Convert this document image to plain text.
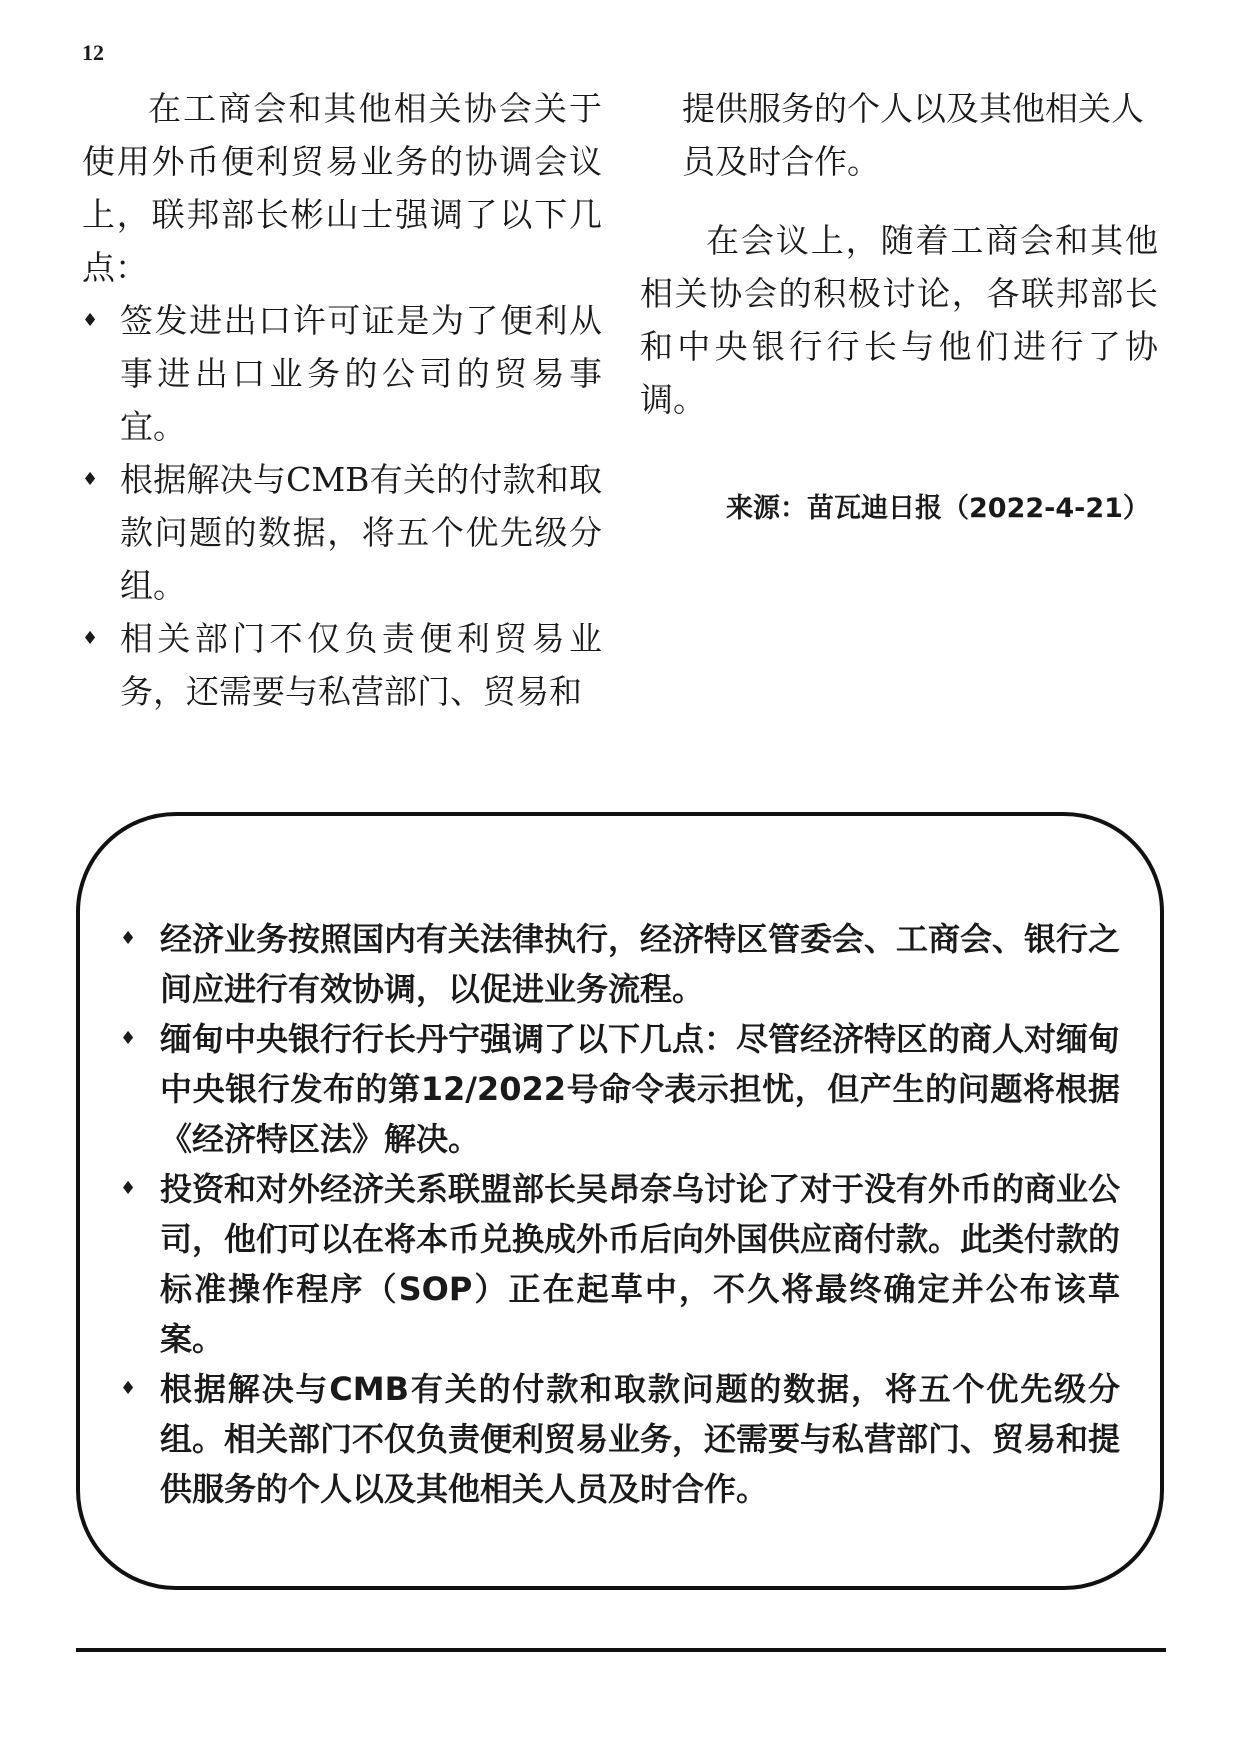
12

在工商会和其他相关协会关于使用外币便利贸易业务的协调会议上，联邦部长彬山士强调了以下几点：

♦ 签发进出口许可证是为了便利从事进出口业务的公司的贸易事宜。
♦ 根据解决与CMB有关的付款和取款问题的数据，将五个优先级分组。
♦ 相关部门不仅负责便利贸易业务，还需要与私营部门、贸易和

提供服务的个人以及其他相关人员及时合作。

在会议上，随着工商会和其他相关协会的积极讨论，各联邦部长和中央银行行长与他们进行了协调。

来源：苗瓦迪日报（2022-4-21）
♦ 经济业务按照国内有关法律执行，经济特区管委会、工商会、银行之间应进行有效协调，以促进业务流程。
♦ 缅甸中央银行行长丹宁强调了以下几点：尽管经济特区的商人对缅甸中央银行发布的第12/2022号命令表示担忧，但产生的问题将根据《经济特区法》解决。
♦ 投资和对外经济关系联盟部长吴昂奈乌讨论了对于没有外币的商业公司，他们可以在将本币兑换成外币后向外国供应商付款。此类付款的标准操作程序（SOP）正在起草中，不久将最终确定并公布该草案。
♦ 根据解决与CMB有关的付款和取款问题的数据，将五个优先级分组。相关部门不仅负责便利贸易业务，还需要与私营部门、贸易和提供服务的个人以及其他相关人员及时合作。
